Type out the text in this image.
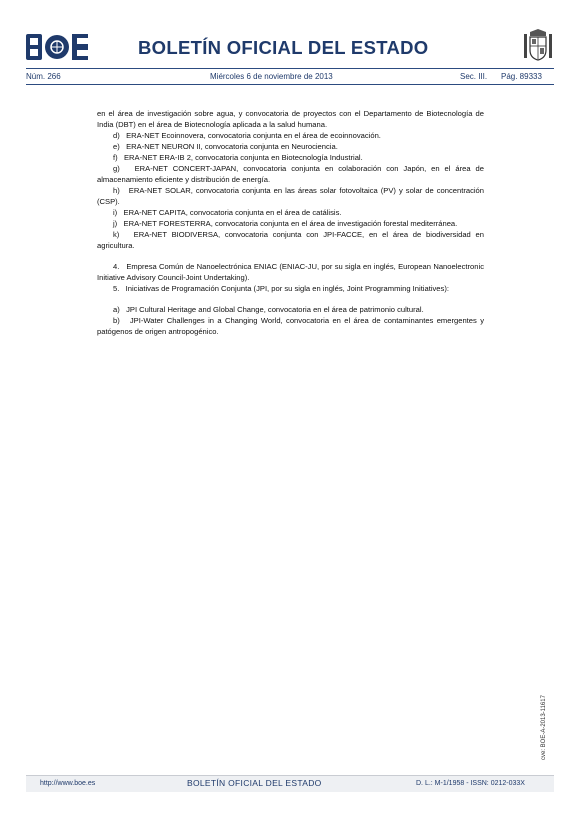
BOLETÍN OFICIAL DEL ESTADO
Núm. 266	Miércoles 6 de noviembre de 2013	Sec. III. Pág. 89333

en el área de investigación sobre agua, y convocatoria de proyectos con el Departamento de Biotecnología de India (DBT) en el área de Biotecnología aplicada a la salud humana.

d)   ERA-NET Ecoinnovera, convocatoria conjunta en el área de ecoinnovación.

e)   ERA-NET NEURON II, convocatoria conjunta en Neurociencia.

f)   ERA-NET ERA-IB 2, convocatoria conjunta en Biotecnología Industrial.

g)   ERA-NET CONCERT-JAPAN, convocatoria conjunta en colaboración con Japón, en el área de almacenamiento eficiente y distribución de energía.

h)   ERA-NET SOLAR, convocatoria conjunta en las áreas solar fotovoltaica (PV) y solar de concentración (CSP).

i)   ERA-NET CAPITA, convocatoria conjunta en el área de catálisis.

j)   ERA-NET FORESTERRA, convocatoria conjunta en el área de investigación forestal mediterránea.

k)   ERA-NET BIODIVERSA, convocatoria conjunta con JPI-FACCE, en el área de biodiversidad en agricultura.

4.   Empresa Común de Nanoelectrónica ENIAC (ENIAC-JU, por su sigla en inglés, European Nanoelectronic Initiative Advisory Council-Joint Undertaking).

5.   Iniciativas de Programación Conjunta (JPI, por su sigla en inglés, Joint Programming Initiatives):

a)   JPI Cultural Heritage and Global Change, convocatoria en el área de patrimonio cultural.

b)   JPI-Water Challenges in a Changing World, convocatoria en el área de contaminantes emergentes y patógenos de origen antropogénico.

cve: BOE-A-2013-11617
http://www.boe.es	BOLETÍN OFICIAL DEL ESTADO	D. L.: M-1/1958 - ISSN: 0212-033X
